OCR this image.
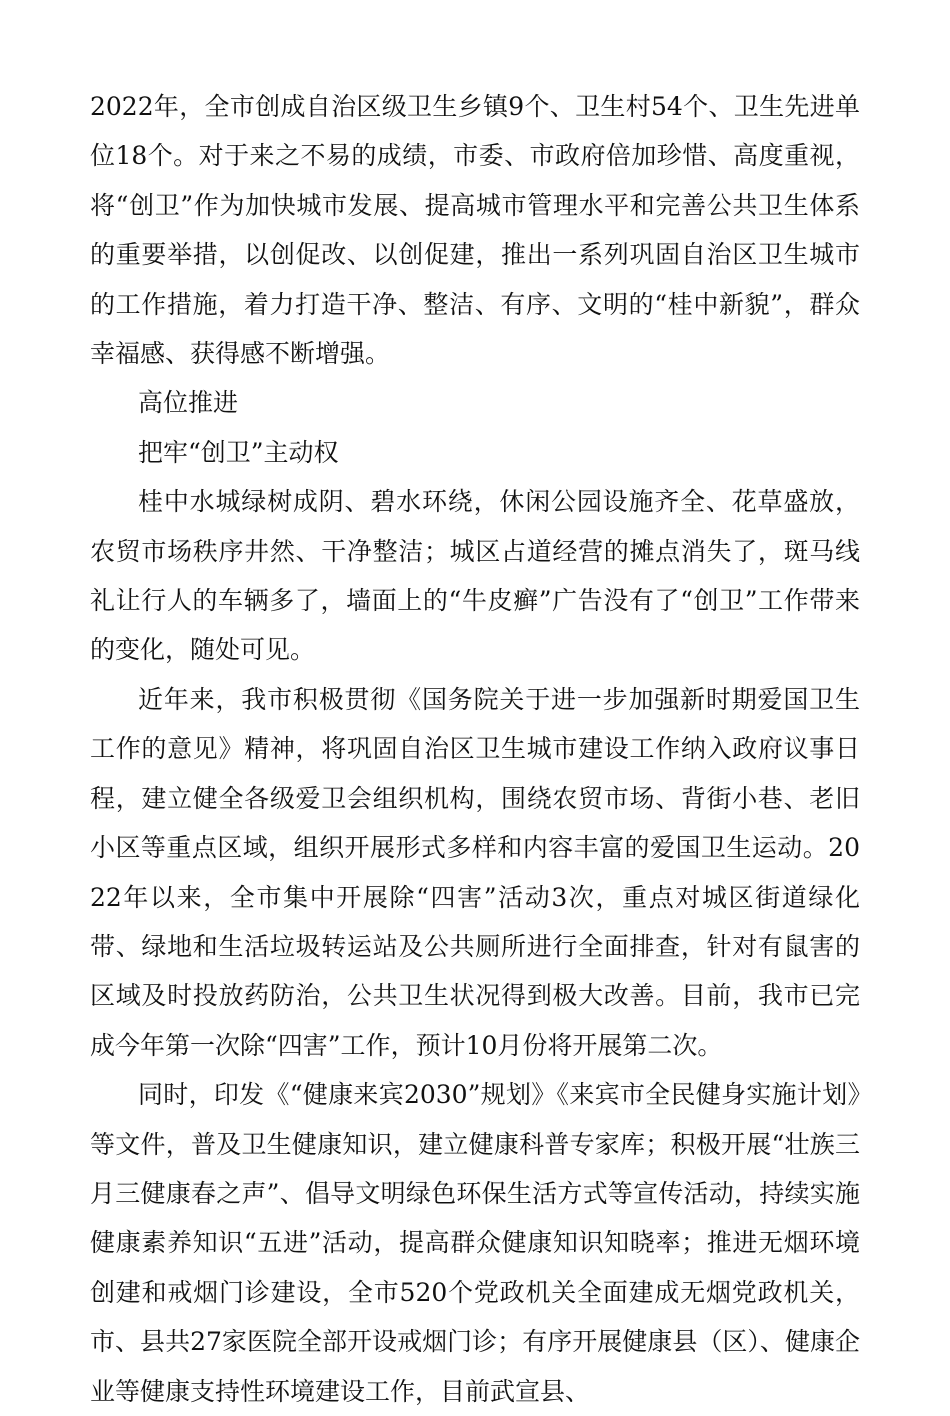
2022年，全市创成自治区级卫生乡镇9个、卫生村54个、卫生先进单位18个。对于来之不易的成绩，市委、市政府倍加珍惜、高度重视，将“创卫”作为加快城市发展、提高城市管理水平和完善公共卫生体系的重要举措，以创促改、以创促建，推出一系列巩固自治区卫生城市的工作措施，着力打造干净、整洁、有序、文明的“桂中新貌”，群众幸福感、获得感不断增强。

高位推进

把牢“创卫”主动权

桂中水城绿树成阴、碧水环绕，休闲公园设施齐全、花草盛放，农贸市场秩序井然、干净整洁；城区占道经营的摊点消失了，斑马线礼让行人的车辆多了，墙面上的“牛皮癣”广告没有了“创卫”工作带来的变化，随处可见。

近年来，我市积极贯彻《国务院关于进一步加强新时期爱国卫生工作的意见》精神，将巩固自治区卫生城市建设工作纳入政府议事日程，建立健全各级爱卫会组织机构，围绕农贸市场、背街小巷、老旧小区等重点区域，组织开展形式多样和内容丰富的爱国卫生运动。2022年以来，全市集中开展除“四害”活动3次，重点对城区街道绿化带、绿地和生活垃圾转运站及公共厕所进行全面排查，针对有鼠害的区域及时投放药防治，公共卫生状况得到极大改善。目前，我市已完成今年第一次除“四害”工作，预计10月份将开展第二次。

同时，印发《“健康来宾2030”规划》《来宾市全民健身实施计划》等文件，普及卫生健康知识，建立健康科普专家库；积极开展“壮族三月三健康春之声”、倡导文明绿色环保生活方式等宣传活动，持续实施健康素养知识“五进”活动，提高群众健康知识知晓率；推进无烟环境创建和戒烟门诊建设，全市520个党政机关全面建成无烟党政机关，市、县共27家医院全部开设戒烟门诊；有序开展健康县（区）、健康企业等健康支持性环境建设工作，目前武宣县、
